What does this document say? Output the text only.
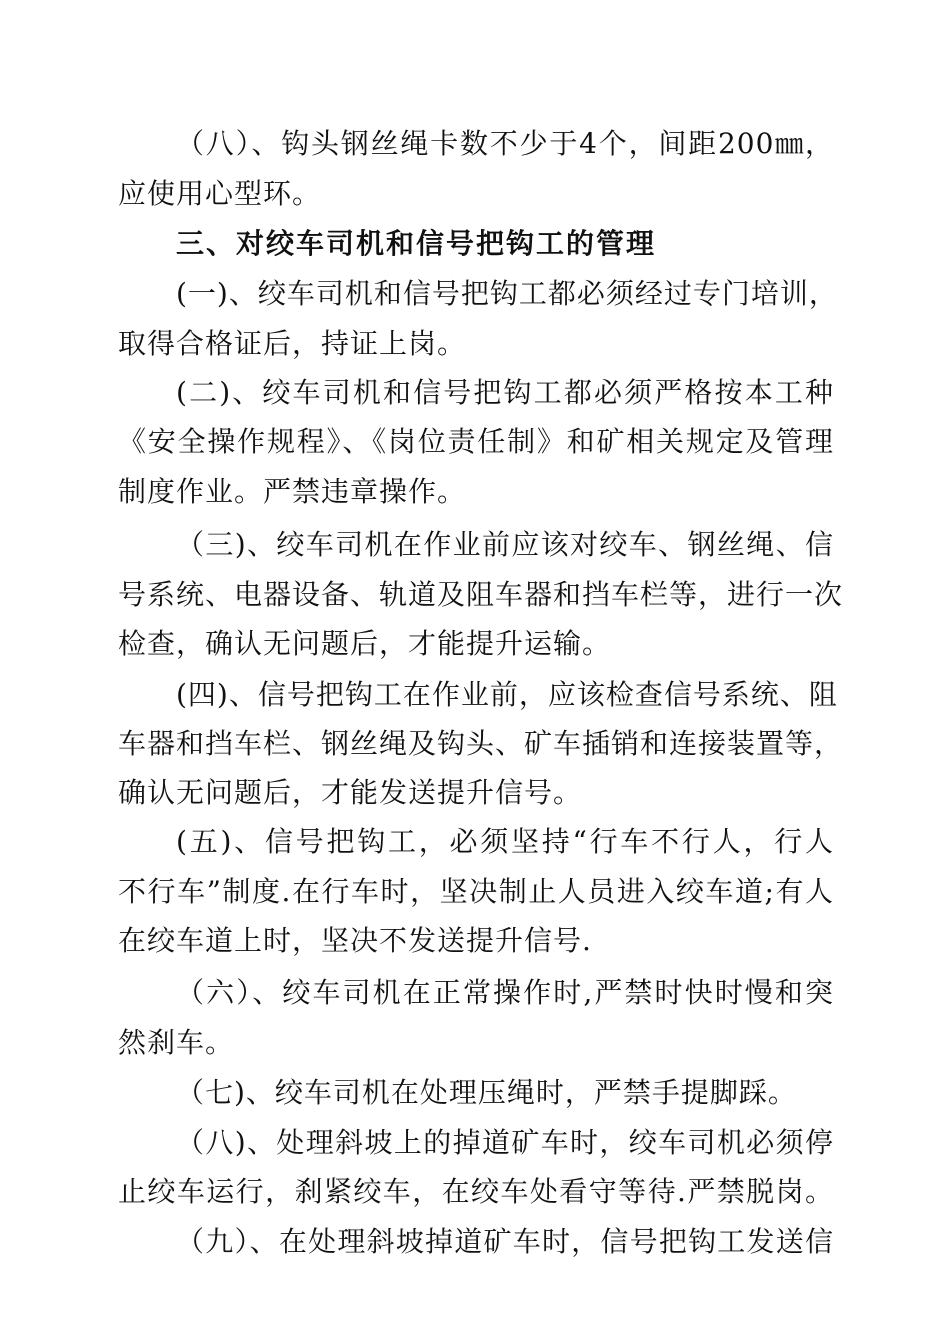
（八）、钩头钢丝绳卡数不少于4个，间距200㎜，
应使用心型环。
三、对绞车司机和信号把钩工的管理
(一)、绞车司机和信号把钩工都必须经过专门培训，
取得合格证后，持证上岗。
(二)、绞车司机和信号把钩工都必须严格按本工种
《安全操作规程》、《岗位责任制》和矿相关规定及管理
制度作业。严禁违章操作。
（三)、绞车司机在作业前应该对绞车、钢丝绳、信
号系统、电器设备、轨道及阻车器和挡车栏等，进行一次
检查，确认无问题后，才能提升运输。
(四)、信号把钩工在作业前，应该检查信号系统、阻
车器和挡车栏、钢丝绳及钩头、矿车插销和连接装置等，
确认无问题后，才能发送提升信号。
(五)、信号把钩工，必须坚持“行车不行人，行人
不行车”制度.在行车时，坚决制止人员进入绞车道;有人
在绞车道上时，坚决不发送提升信号.
（六）、绞车司机在正常操作时,严禁时快时慢和突
然刹车。
（七)、绞车司机在处理压绳时，严禁手提脚踩。
（八)、处理斜坡上的掉道矿车时，绞车司机必须停
止绞车运行，刹紧绞车，在绞车处看守等待.严禁脱岗。
（九）、在处理斜坡掉道矿车时，信号把钩工发送信
